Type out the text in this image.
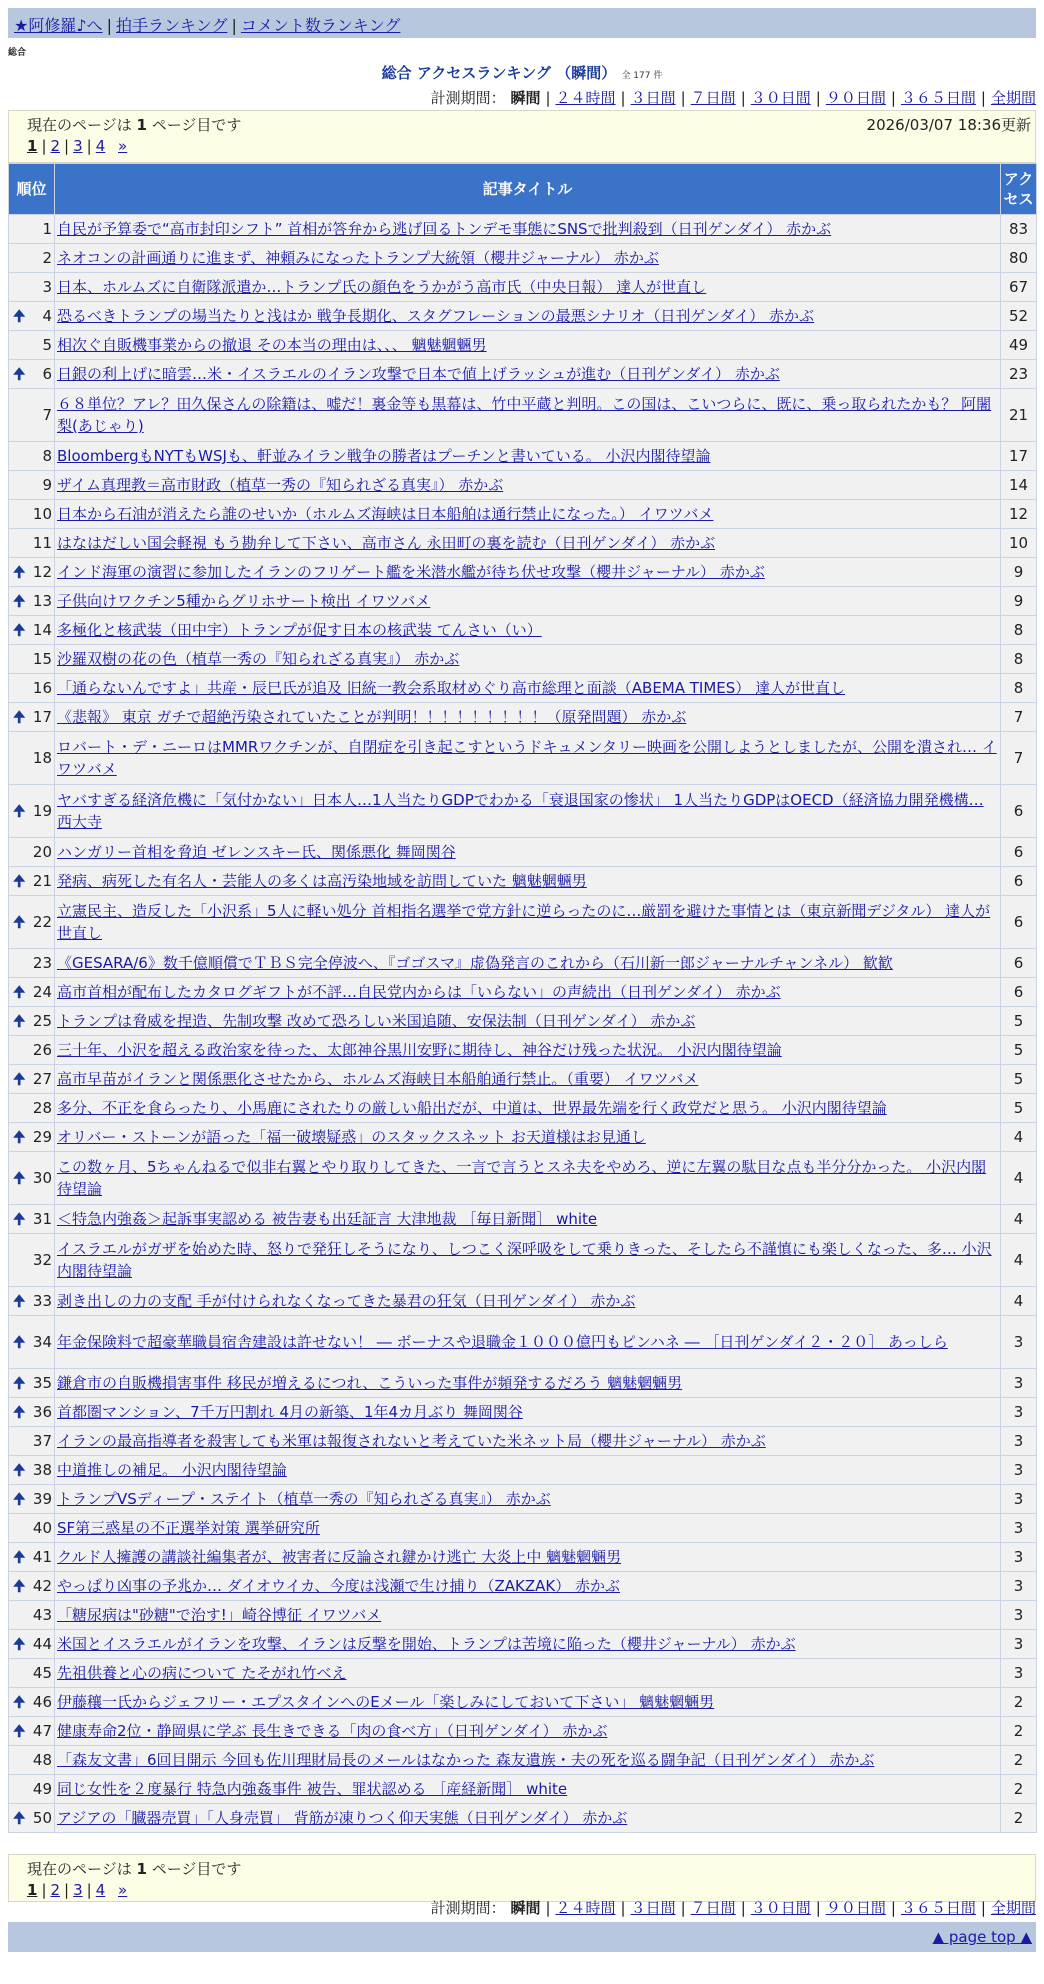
★阿修羅♪へ | 拍手ランキング | コメント数ランキング
総合
総合 アクセスランキング （瞬間） 全 177 件
計測期間： 瞬間 | ２４時間 | ３日間 | ７日間 | ３０日間 | ９０日間 | ３６５日間 | 全期間
現在のページは 1 ページ目です	2026/03/07 18:36更新
1 | 2 | 3 | 4 »
順位	記事タイトル	アクセス
1	自民が予算委で“高市封印シフト” 首相が答弁から逃げ回るトンデモ事態にSNSで批判殺到（日刊ゲンダイ） 赤かぶ	83
2	ネオコンの計画通りに進まず、神頼みになったトランプ大統領（櫻井ジャーナル） 赤かぶ	80
3	日本、ホルムズに自衛隊派遣か…トランプ氏の顔色をうかがう高市氏（中央日報） 達人が世直し	67

🠉 4	恐るべきトランプの場当たりと浅はか 戦争長期化、スタグフレーションの最悪シナリオ（日刊ゲンダイ） 赤かぶ	52
5	相次ぐ自販機事業からの撤退 その本当の理由は、、、 魑魅魍魎男	49

🠉 6	日銀の利上げに暗雲…米・イスラエルのイラン攻撃で日本で値上げラッシュが進む（日刊ゲンダイ） 赤かぶ	23
7	６８単位？アレ？田久保さんの除籍は、嘘だ！裏金等も黒幕は、竹中平蔵と判明。この国は、こいつらに、既に、乗っ取られたかも？ 阿闍梨(あじゃり)	21
8	BloombergもNYTもWSJも、軒並みイラン戦争の勝者はプーチンと書いている。 小沢内閣待望論	17
9	ザイム真理教＝高市財政（植草一秀の『知られざる真実』） 赤かぶ	14
10	日本から石油が消えたら誰のせいか（ホルムズ海峡は日本船舶は通行禁止になった。） イワツバメ	12
11	はなはだしい国会軽視 もう勘弁して下さい、高市さん 永田町の裏を読む（日刊ゲンダイ） 赤かぶ	10

🠉 12	インド海軍の演習に参加したイランのフリゲート艦を米潜水艦が待ち伏せ攻撃（櫻井ジャーナル） 赤かぶ	9

🠉 13	子供向けワクチン5種からグリホサート検出 イワツバメ	9

🠉 14	多極化と核武装（田中宇）トランプが促す日本の核武装 てんさい（い）	8
15	沙羅双樹の花の色（植草一秀の『知られざる真実』） 赤かぶ	8
16	「通らないんですよ」共産・辰巳氏が追及 旧統一教会系取材めぐり高市総理と面談（ABEMA TIMES） 達人が世直し	8

🠉 17	《悲報》 東京 ガチで超絶汚染されていたことが判明！！！！！！！！！（原発問題） 赤かぶ	7
18	ロバート・デ・ニーロはMMRワクチンが、自閉症を引き起こすというドキュメンタリー映画を公開しようとしましたが、公開を潰され… イワツバメ	7

🠉 19	ヤバすぎる経済危機に「気付かない」日本人…1人当たりGDPでわかる「衰退国家の惨状」 1人当たりGDPはOECD（経済協力開発機構… 西大寺	6
20	ハンガリー首相を脅迫 ゼレンスキー氏、関係悪化 舞岡関谷	6

🠉 21	発病、病死した有名人・芸能人の多くは高汚染地域を訪問していた 魑魅魍魎男	6

🠉 22	立憲民主、造反した「小沢系」5人に軽い処分 首相指名選挙で党方針に逆らったのに…厳罰を避けた事情とは（東京新聞デジタル） 達人が世直し	6
23	《GESARA/6》数千億順償でＴＢＳ完全停波へ、『ゴゴスマ』虚偽発言のこれから（石川新一郎ジャーナルチャンネル） 歓歓	6

🠉 24	高市首相が配布したカタログギフトが不評…自民党内からは「いらない」の声続出（日刊ゲンダイ） 赤かぶ	6

🠉 25	トランプは脅威を捏造、先制攻撃 改めて恐ろしい米国追随、安保法制（日刊ゲンダイ） 赤かぶ	5
26	三十年、小沢を超える政治家を待った、太郎神谷黒川安野に期待し、神谷だけ残った状況。 小沢内閣待望論	5

🠉 27	高市早苗がイランと関係悪化させたから、ホルムズ海峡日本船舶通行禁止。（重要） イワツバメ	5
28	多分、不正を食らったり、小馬鹿にされたりの厳しい船出だが、中道は、世界最先端を行く政党だと思う。 小沢内閣待望論	5

🠉 29	オリバー・ストーンが語った「福一破壊疑惑」のスタックスネット お天道様はお見通し	4

🠉 30	この数ヶ月、5ちゃんねるで似非右翼とやり取りしてきた、一言で言うとスネ夫をやめろ、逆に左翼の駄目な点も半分分かった。 小沢内閣待望論	4

🠉 31	＜特急内強姦＞起訴事実認める 被告妻も出廷証言 大津地裁 ［毎日新聞］ white	4
32	イスラエルがガザを始めた時、怒りで発狂しそうになり、しつこく深呼吸をして乗りきった、そしたら不謹慎にも楽しくなった、多… 小沢内閣待望論	4

🠉 33	剥き出しの力の支配 手が付けられなくなってきた暴君の狂気（日刊ゲンダイ） 赤かぶ	4

🠉 34	年金保険料で超豪華職員宿舎建設は許せない！ ― ボーナスや退職金１０００億円もピンハネ ― ［日刊ゲンダイ２・２０］ あっしら	3

🠉 35	鎌倉市の自販機損害事件 移民が増えるにつれ、こういった事件が頻発するだろう 魑魅魍魎男	3

🠉 36	首都圏マンション、7千万円割れ 4月の新築、1年4カ月ぶり 舞岡関谷	3
37	イランの最高指導者を殺害しても米軍は報復されないと考えていた米ネット局（櫻井ジャーナル） 赤かぶ	3

🠉 38	中道推しの補足。 小沢内閣待望論	3

🠉 39	トランプVSディープ・ステイト（植草一秀の『知られざる真実』） 赤かぶ	3
40	SF第三惑星の不正選挙対策 選挙研究所	3

🠉 41	クルド人擁護の講談社編集者が、被害者に反論され鍵かけ逃亡 大炎上中 魑魅魍魎男	3

🠉 42	やっぱり凶事の予兆か… ダイオウイカ、今度は浅瀬で生け捕り（ZAKZAK） 赤かぶ	3
43	「糖尿病は"砂糖"で治す!」崎谷博征 イワツバメ	3

🠉 44	米国とイスラエルがイランを攻撃、イランは反撃を開始、トランプは苦境に陥った（櫻井ジャーナル） 赤かぶ	3
45	先祖供養と心の病について たそがれ竹べえ	3

🠉 46	伊藤穰一氏からジェフリー・エプスタインへのEメール「楽しみにしておいて下さい」 魑魅魍魎男	2

🠉 47	健康寿命2位・静岡県に学ぶ 長生きできる「肉の食べ方」（日刊ゲンダイ） 赤かぶ	2
48	「森友文書」6回目開示 今回も佐川理財局長のメールはなかった 森友遺族・夫の死を巡る闘争記（日刊ゲンダイ） 赤かぶ	2
49	同じ女性を２度暴行 特急内強姦事件 被告、罪状認める ［産経新聞］ white	2

🠉 50	アジアの「臓器売買」「人身売買」 背筋が凍りつく仰天実態（日刊ゲンダイ） 赤かぶ	2
現在のページは 1 ページ目です
1 | 2 | 3 | 4 »
計測期間： 瞬間 | ２４時間 | ３日間 | ７日間 | ３０日間 | ９０日間 | ３６５日間 | 全期間
▲ page top ▲
